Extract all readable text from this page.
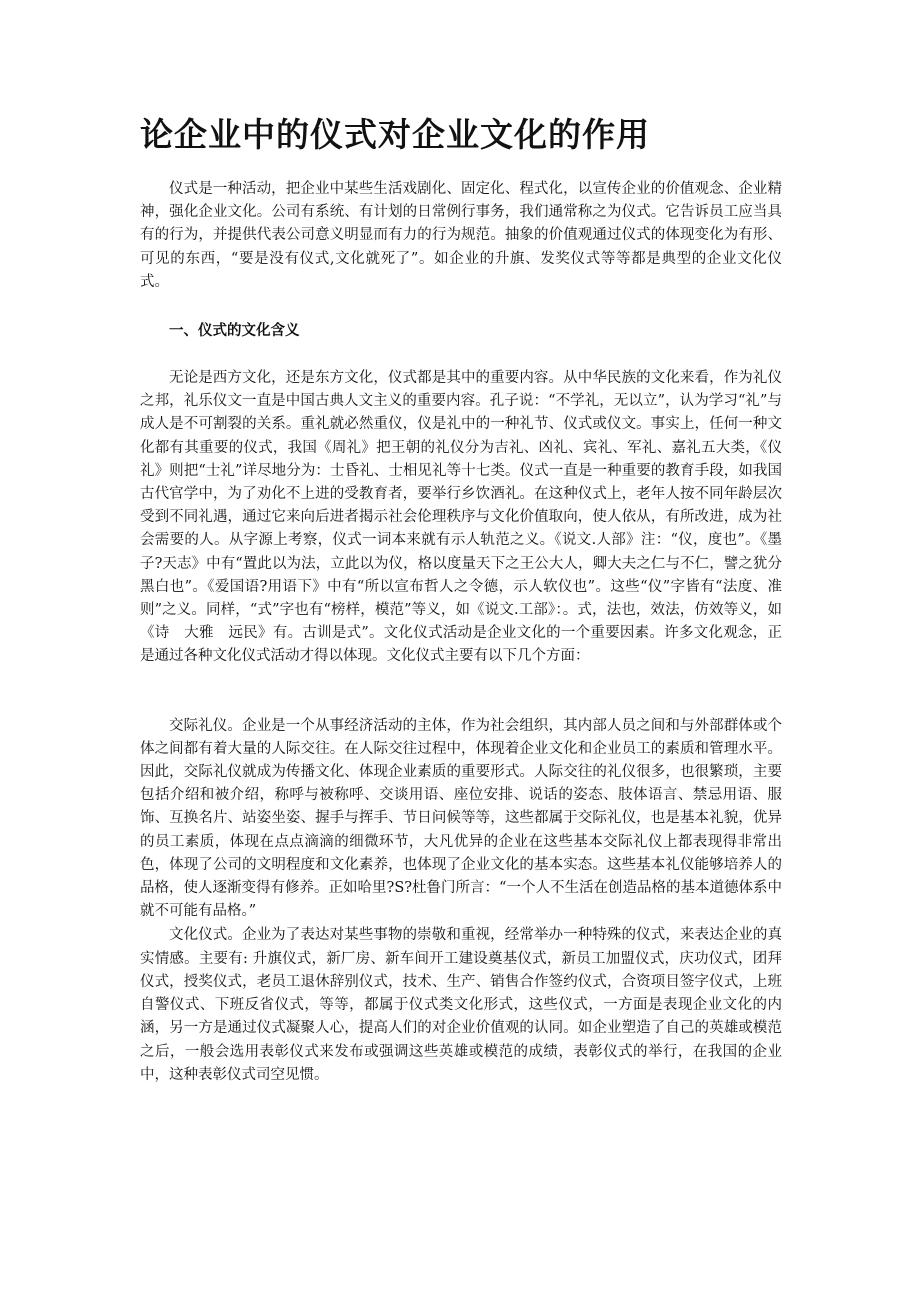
论企业中的仪式对企业文化的作用

仪式是一种活动，把企业中某些生活戏剧化、固定化、程式化，以宣传企业的价值观念、企业精神，强化企业文化。公司有系统、有计划的日常例行事务，我们通常称之为仪式。它告诉员工应当具有的行为，并提供代表公司意义明显而有力的行为规范。抽象的价值观通过仪式的体现变化为有形、可见的东西，“要是没有仪式,文化就死了”。如企业的升旗、发奖仪式等等都是典型的企业文化仪式。

一、仪式的文化含义

无论是西方文化，还是东方文化，仪式都是其中的重要内容。从中华民族的文化来看，作为礼仪之邦，礼乐仪文一直是中国古典人文主义的重要内容。孔子说：“不学礼，无以立”，认为学习“礼”与成人是不可割裂的关系。重礼就必然重仪，仪是礼中的一种礼节、仪式或仪文。事实上，任何一种文化都有其重要的仪式，我国《周礼》把王朝的礼仪分为吉礼、凶礼、宾礼、军礼、嘉礼五大类，《仪礼》则把“士礼”详尽地分为：士昏礼、士相见礼等十七类。仪式一直是一种重要的教育手段，如我国古代官学中，为了劝化不上进的受教育者，要举行乡饮酒礼。在这种仪式上，老年人按不同年龄层次受到不同礼遇，通过它来向后进者揭示社会伦理秩序与文化价值取向，使人依从，有所改进，成为社会需要的人。从字源上考察，仪式一词本来就有示人轨范之义。《说文.人部》注：“仪，度也”。《墨子?天志》中有“置此以为法，立此以为仪，格以度量天下之王公大人，卿大夫之仁与不仁，譬之犹分黑白也”。《爱国语?用语下》中有“所以宣布哲人之令德，示人软仪也”。这些“仪”字皆有“法度、准则”之义。同样，“式”字也有“榜样，模范”等义，如《说文.工部》：。式，法也，效法，仿效等义，如《诗　大雅　远民》有。古训是式”。文化仪式活动是企业文化的一个重要因素。许多文化观念，正是通过各种文化仪式活动才得以体现。文化仪式主要有以下几个方面：

交际礼仪。企业是一个从事经济活动的主体，作为社会组织，其内部人员之间和与外部群体或个体之间都有着大量的人际交往。在人际交往过程中，体现着企业文化和企业员工的素质和管理水平。因此，交际礼仪就成为传播文化、体现企业素质的重要形式。人际交往的礼仪很多，也很繁琐，主要包括介绍和被介绍，称呼与被称呼、交谈用语、座位安排、说话的姿态、肢体语言、禁忌用语、服饰、互换名片、站姿坐姿、握手与挥手、节日问候等等，这些都属于交际礼仪，也是基本礼貌，优异的员工素质，体现在点点滴滴的细微环节，大凡优异的企业在这些基本交际礼仪上都表现得非常出色，体现了公司的文明程度和文化素养，也体现了企业文化的基本实态。这些基本礼仪能够培养人的品格，使人逐渐变得有修养。正如哈里?S?杜鲁门所言：“一个人不生活在创造品格的基本道德体系中就不可能有品格。”

文化仪式。企业为了表达对某些事物的崇敬和重视，经常举办一种特殊的仪式，来表达企业的真实情感。主要有: 升旗仪式，新厂房、新车间开工建设奠基仪式，新员工加盟仪式，庆功仪式，团拜仪式，授奖仪式，老员工退休辞别仪式，技术、生产、销售合作签约仪式，合资项目签字仪式，上班自警仪式、下班反省仪式，等等，都属于仪式类文化形式，这些仪式，一方面是表现企业文化的内涵，另一方是通过仪式凝聚人心，提高人们的对企业价值观的认同。如企业塑造了自己的英雄或模范之后，一般会选用表彰仪式来发布或强调这些英雄或模范的成绩，表彰仪式的举行，在我国的企业中，这种表彰仪式司空见惯。
